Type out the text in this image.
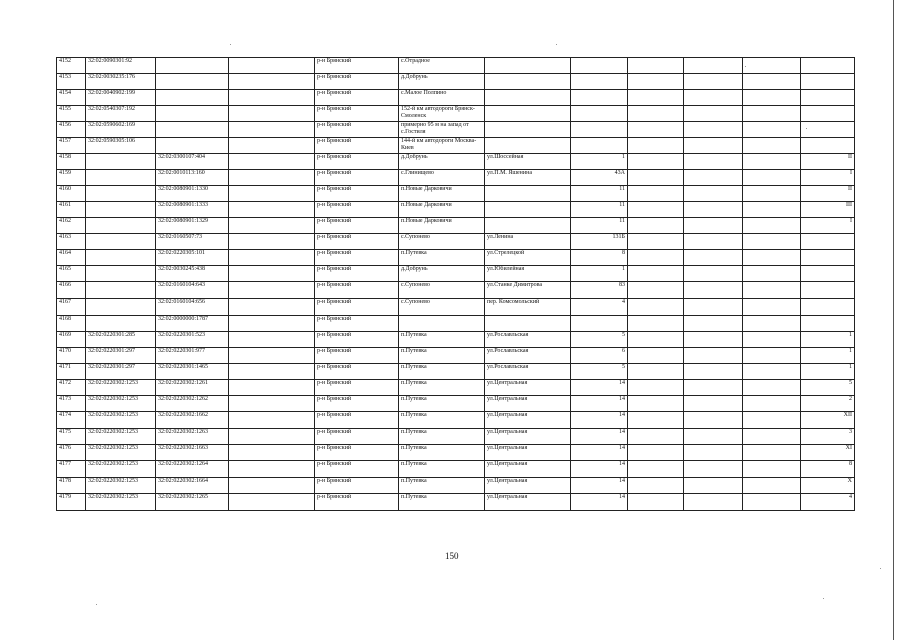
4152	32:02:0090301:92			р-н Брянский	с.Отрадное						
4153	32:02:0030235:176			р-н Брянский	д.Добрунь						
4154	32:02:0040902:199			р-н Брянский	с.Малое Полпино						
4155	32:02:0540307:192			р-н Брянский	152-й км автодороги Брянск-Смоленск						
4156	32:02:0590602:169			р-н Брянский	примерно 95 м на запад от с.Гостиля						
4157	32:02:0590305:106			р-н Брянский	144-й км автодороги Москва-Киев						
4158		32:02:0300107:404		р-н Брянский	д.Добрунь	ул.Шоссейная	1				II
4159		32:02:0010113:160		р-н Брянский	с.Глинищево	ул.П.М. Яшенина	43А				I
4160		32:02:0080901:1330		р-н Брянский	п.Новые Дарковичи		11				II
4161		32:02:0080901:1333		р-н Брянский	п.Новые Дарковичи		11				III
4162		32:02:0080901:1329		р-н Брянский	п.Новые Дарковичи		11				I
4163		32:02:0160507:73		р-н Брянский	с.Супонево	ул.Ленина	131Б				
4164		32:02:0220305:101		р-н Брянский	п.Путевка	ул.Стрелецкой	8				
4165		32:02:0030245:438		р-н Брянский	д.Добрунь	ул.Юбилейная	1				
4166		32:02:0160104:643		р-н Брянский	с.Супонево	ул.Станке Димитрова	83				
4167		32:02:0160104:656		р-н Брянский	с.Супонево	пер. Комсомольский	4				
4168		32:02:0000000:1787		р-н Брянский							
4169	32:02:0220301:285	32:02:0220301:523		р-н Брянский	п.Путевка	ул.Рославльская	5				1
4170	32:02:0220301:297	32:02:0220301:977		р-н Брянский	п.Путевка	ул.Рославльская	6				1
4171	32:02:0220301:297	32:02:0220301:1465		р-н Брянский	п.Путевка	ул.Рославльская	5				1
4172	32:02:0220302:1253	32:02:0220302:1261		р-н Брянский	п.Путевка	ул.Центральная	14				5
4173	32:02:0220302:1253	32:02:0220302:1262		р-н Брянский	п.Путевка	ул.Центральная	14				2
4174	32:02:0220302:1253	32:02:0220302:1662		р-н Брянский	п.Путевка	ул.Центральная	14				XII
4175	32:02:0220302:1253	32:02:0220302:1263		р-н Брянский	п.Путевка	ул.Центральная	14				3
4176	32:02:0220302:1253	32:02:0220302:1663		р-н Брянский	п.Путевка	ул.Центральная	14				XI
4177	32:02:0220302:1253	32:02:0220302:1264		р-н Брянский	п.Путевка	ул.Центральная	14				8
4178	32:02:0220302:1253	32:02:0220302:1664		р-н Брянский	п.Путевка	ул.Центральная	14				X
4179	32:02:0220302:1253	32:02:0220302:1265		р-н Брянский	п.Путевка	ул.Центральная	14				4
150
